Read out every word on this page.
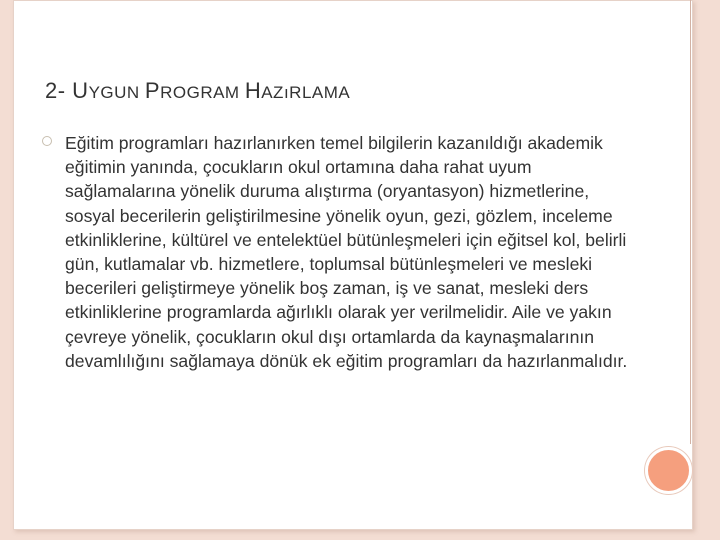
2- UYGUN PROGRAM HAZıRLAMA
Eğitim programları hazırlanırken temel bilgilerin kazanıldığı akademik eğitimin yanında, çocukların okul ortamına daha rahat uyum sağlamalarına yönelik duruma alıştırma (oryantasyon) hizmetlerine, sosyal becerilerin geliştirilmesine yönelik oyun, gezi, gözlem, inceleme etkinliklerine, kültürel ve entelektüel bütünleşmeleri için eğitsel kol, belirli gün, kutlamalar vb. hizmetlere, toplumsal bütünleşmeleri ve mesleki becerileri geliştirmeye yönelik boş zaman, iş ve sanat, mesleki ders etkinliklerine programlarda ağırlıklı olarak yer verilmelidir. Aile ve yakın çevreye yönelik, çocukların okul dışı ortamlarda da kaynaşmalarının devamlılığını sağlamaya dönük ek eğitim programları da hazırlanmalıdır.
